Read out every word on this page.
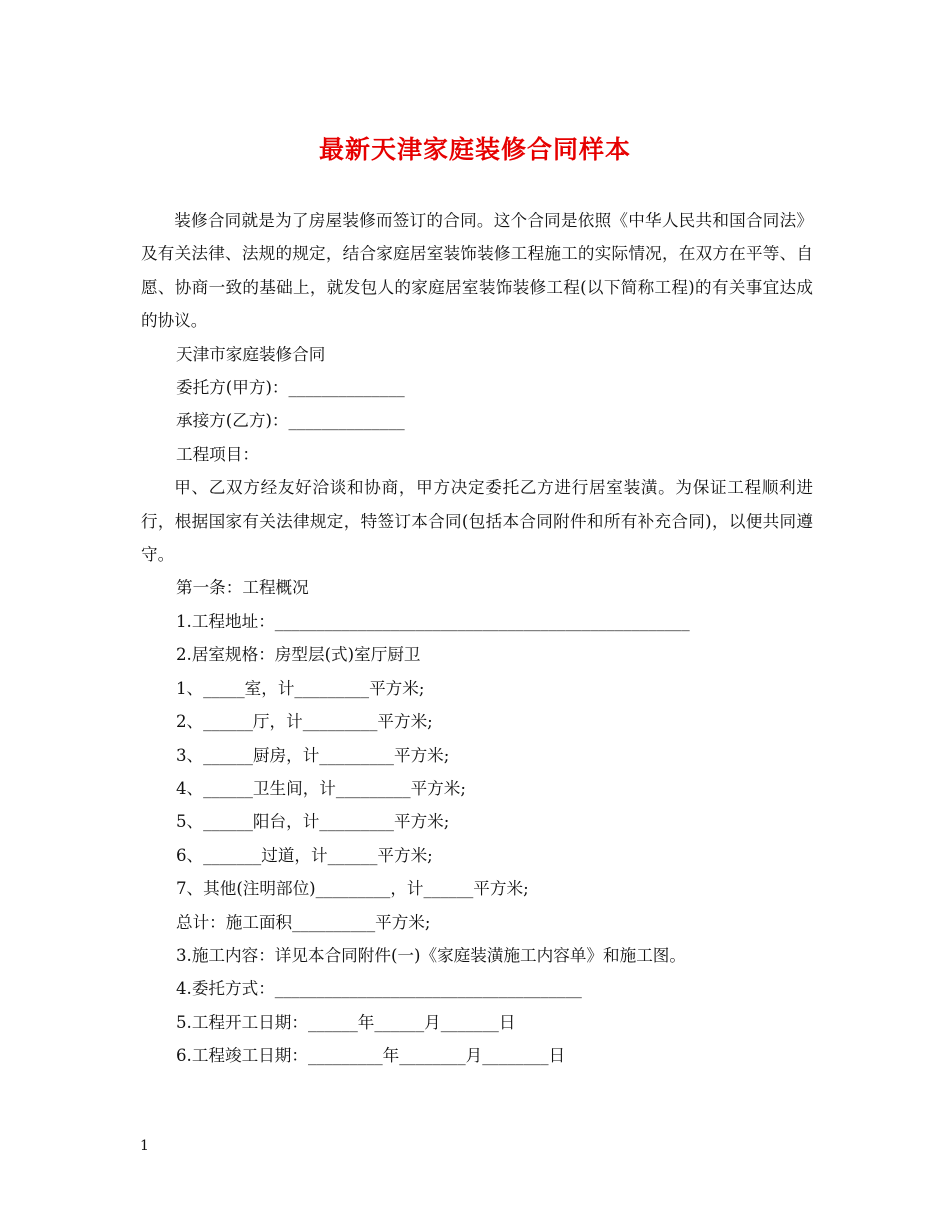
最新天津家庭装修合同样本

装修合同就是为了房屋装修而签订的合同。这个合同是依照《中华人民共和国合同法》及有关法律、法规的规定，结合家庭居室装饰装修工程施工的实际情况，在双方在平等、自愿、协商一致的基础上，就发包人的家庭居室装饰装修工程(以下简称工程)的有关事宜达成的协议。

天津市家庭装修合同

委托方(甲方)：______________

承接方(乙方)：______________

工程项目：

甲、乙双方经友好洽谈和协商，甲方决定委托乙方进行居室装潢。为保证工程顺利进行，根据国家有关法律规定，特签订本合同(包括本合同附件和所有补充合同)，以便共同遵守。

第一条：工程概况

1.工程地址：__________________________________________________

2.居室规格：房型层(式)室厅厨卫

1、_____室，计_________平方米;

2、______厅，计_________平方米;

3、______厨房，计_________平方米;

4、______卫生间，计_________平方米;

5、______阳台，计_________平方米;

6、_______过道，计______平方米;

7、其他(注明部位)_________，计______平方米;

总计：施工面积__________平方米;

3.施工内容：详见本合同附件(一)《家庭装潢施工内容单》和施工图。

4.委托方式：_____________________________________

5.工程开工日期：______年______月_______日

6.工程竣工日期：_________年________月________日

1
